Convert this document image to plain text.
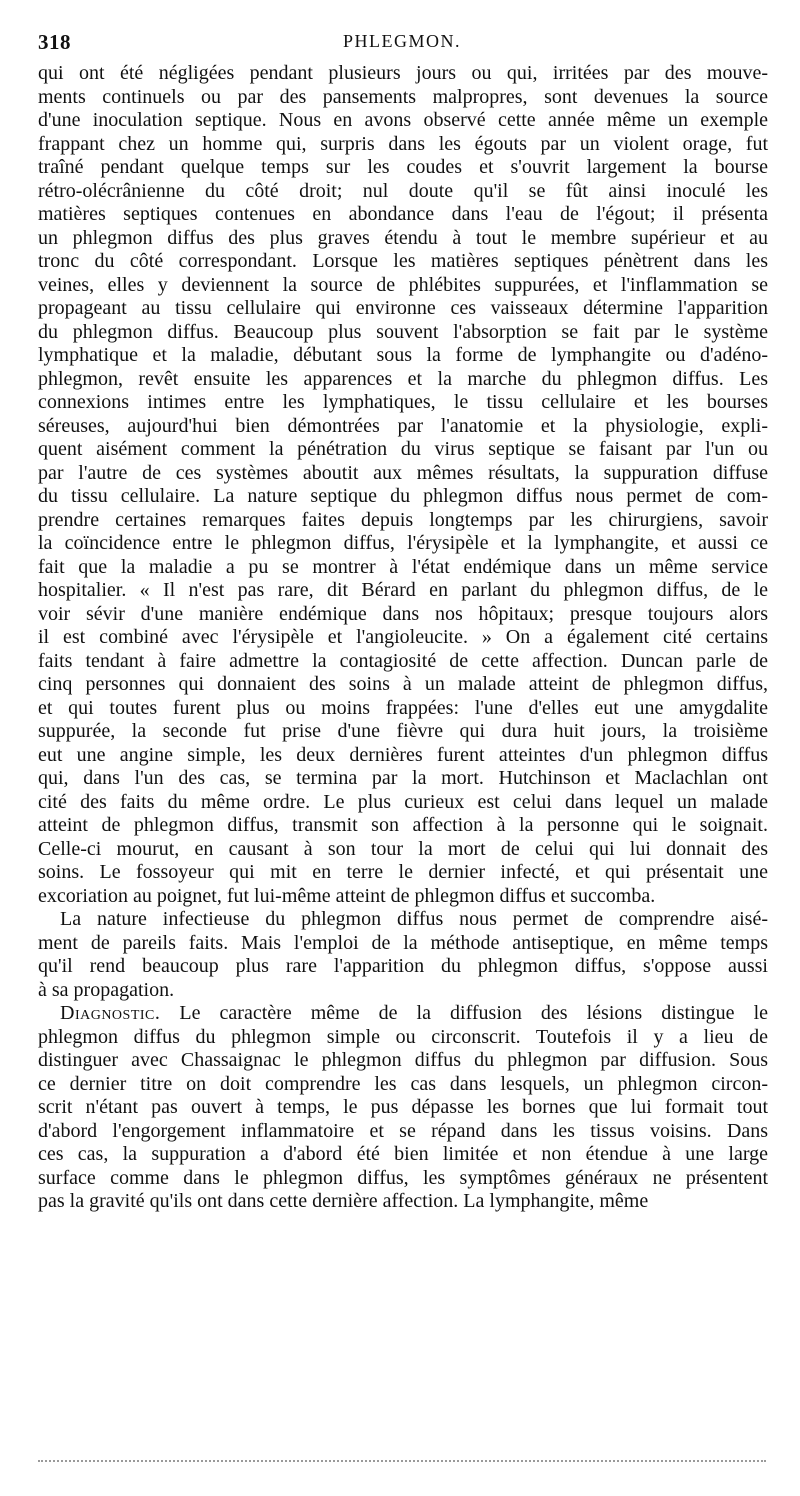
318	PHLEGMON.
qui ont été négligées pendant plusieurs jours ou qui, irritées par des mouve-
ments continuels ou par des pansements malpropres, sont devenues la source
d'une inoculation septique. Nous en avons observé cette année même un exemple
frappant chez un homme qui, surpris dans les égouts par un violent orage, fut
traîné pendant quelque temps sur les coudes et s'ouvrit largement la bourse
rétro-olécrânienne du côté droit; nul doute qu'il se fût ainsi inoculé les
matières septiques contenues en abondance dans l'eau de l'égout; il présenta
un phlegmon diffus des plus graves étendu à tout le membre supérieur et au
tronc du côté correspondant. Lorsque les matières septiques pénètrent dans les
veines, elles y deviennent la source de phlébites suppurées, et l'inflammation se
propageant au tissu cellulaire qui environne ces vaisseaux détermine l'apparition
du phlegmon diffus. Beaucoup plus souvent l'absorption se fait par le système
lymphatique et la maladie, débutant sous la forme de lymphangite ou d'adéno-
phlegmon, revêt ensuite les apparences et la marche du phlegmon diffus. Les
connexions intimes entre les lymphatiques, le tissu cellulaire et les bourses
séreuses, aujourd'hui bien démontrées par l'anatomie et la physiologie, expli-
quent aisément comment la pénétration du virus septique se faisant par l'un ou
par l'autre de ces systèmes aboutit aux mêmes résultats, la suppuration diffuse
du tissu cellulaire. La nature septique du phlegmon diffus nous permet de com-
prendre certaines remarques faites depuis longtemps par les chirurgiens, savoir
la coïncidence entre le phlegmon diffus, l'érysipèle et la lymphangite, et aussi ce
fait que la maladie a pu se montrer à l'état endémique dans un même service
hospitalier. « Il n'est pas rare, dit Bérard en parlant du phlegmon diffus, de le
voir sévir d'une manière endémique dans nos hôpitaux; presque toujours alors
il est combiné avec l'érysipèle et l'angioleucite. » On a également cité certains
faits tendant à faire admettre la contagiosité de cette affection. Duncan parle de
cinq personnes qui donnaient des soins à un malade atteint de phlegmon diffus,
et qui toutes furent plus ou moins frappées: l'une d'elles eut une amygdalite
suppurée, la seconde fut prise d'une fièvre qui dura huit jours, la troisième
eut une angine simple, les deux dernières furent atteintes d'un phlegmon diffus
qui, dans l'un des cas, se termina par la mort. Hutchinson et Maclachlan ont
cité des faits du même ordre. Le plus curieux est celui dans lequel un malade
atteint de phlegmon diffus, transmit son affection à la personne qui le soignait.
Celle-ci mourut, en causant à son tour la mort de celui qui lui donnait des
soins. Le fossoyeur qui mit en terre le dernier infecté, et qui présentait une
excoriation au poignet, fut lui-même atteint de phlegmon diffus et succomba.
La nature infectieuse du phlegmon diffus nous permet de comprendre aisé-
ment de pareils faits. Mais l'emploi de la méthode antiseptique, en même temps
qu'il rend beaucoup plus rare l'apparition du phlegmon diffus, s'oppose aussi
à sa propagation.
Diagnostic. Le caractère même de la diffusion des lésions distingue le
phlegmon diffus du phlegmon simple ou circonscrit. Toutefois il y a lieu de
distinguer avec Chassaignac le phlegmon diffus du phlegmon par diffusion. Sous
ce dernier titre on doit comprendre les cas dans lesquels, un phlegmon circon-
scrit n'étant pas ouvert à temps, le pus dépasse les bornes que lui formait tout
d'abord l'engorgement inflammatoire et se répand dans les tissus voisins. Dans
ces cas, la suppuration a d'abord été bien limitée et non étendue à une large
surface comme dans le phlegmon diffus, les symptômes généraux ne présentent
pas la gravité qu'ils ont dans cette dernière affection. La lymphangite, même
